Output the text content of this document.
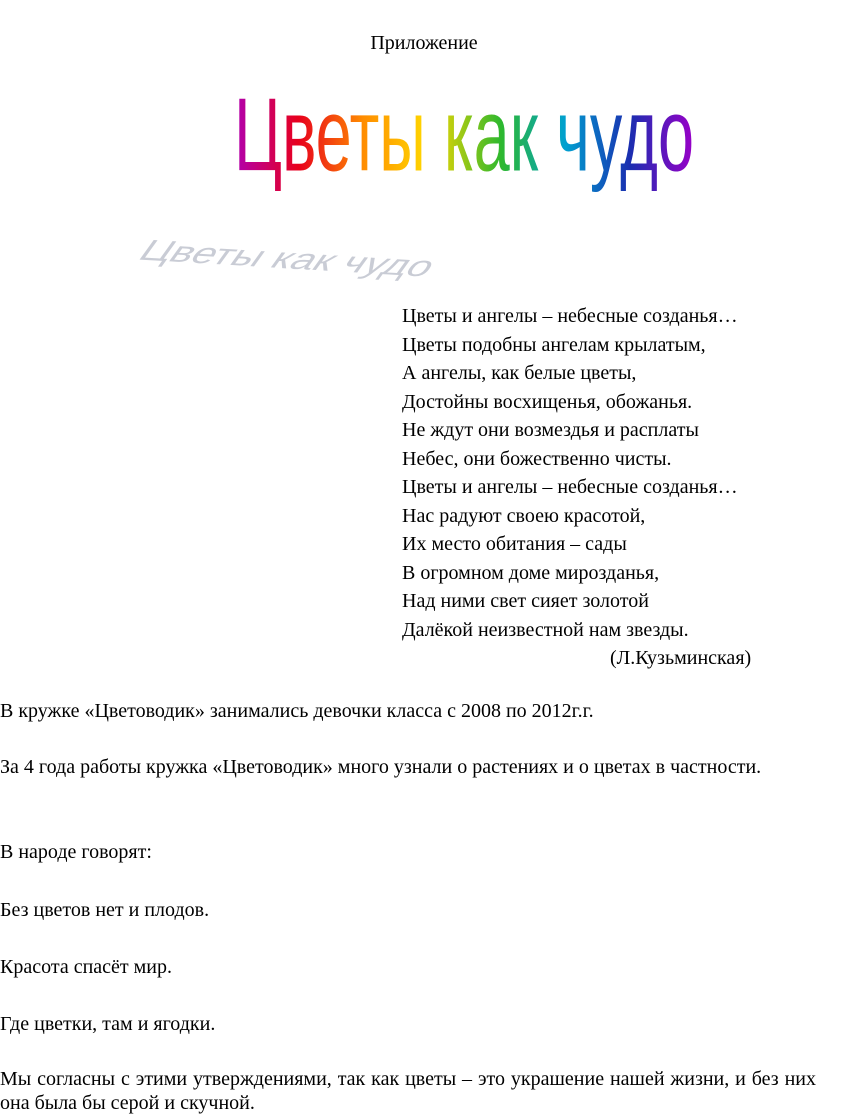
Приложение
Цветы как чудо
Цветы как чудо
Цветы и ангелы – небесные созданья…
Цветы подобны ангелам крылатым,
А ангелы, как белые цветы,
Достойны восхищенья, обожанья.
Не ждут они возмездья и расплаты
Небес, они божественно чисты.
Цветы и ангелы – небесные созданья…
Нас радуют своею красотой,
Их место обитания – сады
В огромном доме мирозданья,
Над ними свет сияет золотой
Далёкой неизвестной нам звезды.
(Л.Кузьминская)

В кружке «Цветоводик» занимались девочки класса с 2008 по 2012г.г.

За 4 года работы кружка «Цветоводик» много узнали о растениях и о цветах в частности.

В народе говорят:

Без цветов нет и плодов.

Красота спасёт мир.

Где цветки, там и ягодки.

Мы согласны с этими утверждениями, так как цветы – это украшение нашей жизни, и без них она была бы серой и скучной.
